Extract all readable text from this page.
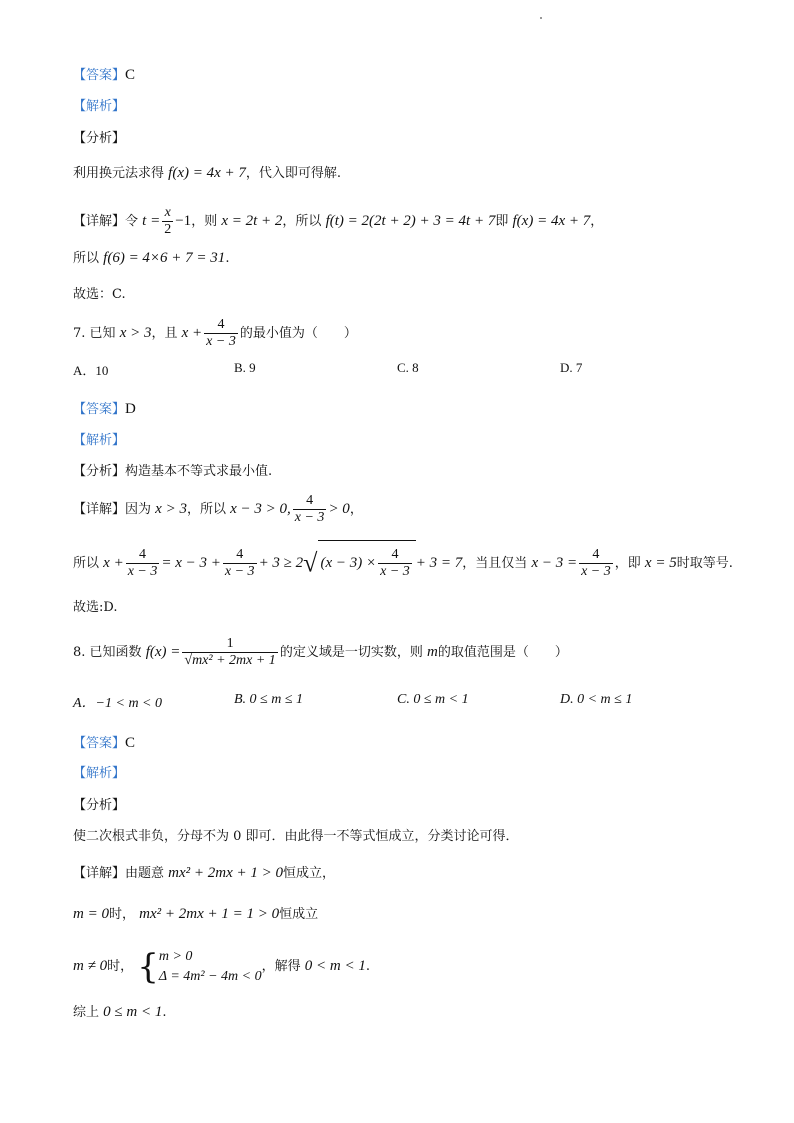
【答案】C
【解析】
【分析】
利用换元法求得 f(x) = 4x + 7，代入即可得解.
【详解】令 $t = \frac{x}{2} -1$，则 x = 2t + 2，所以 f(t) = 2(2t + 2) + 3 = 4t + 7即 f(x) = 4x + 7，
所以 f(6) = 4×6 + 7 = 31.
故选：C.
7. 已知 x > 3，且 $x + \frac{4}{x - 3}$ 的最小值为（　　）
A．10	B. 9	C. 8	D. 7
【答案】D
【解析】
【分析】构造基本不等式求最小值.
【详解】因为 x > 3，所以 x − 3 > 0, $\frac{4}{x - 3} > 0$，
所以 $x + \frac{4}{x - 3} = x - 3 + \frac{4}{x - 3} + 3 \ge 2√$ $(x - 3) \times \frac{4}{x - 3} + 3 = 7$，当且仅当 $x - 3 = \frac{4}{x - 3}$ ，即 x = 5时取等号.
故选:D.
8. 已知函数 $f(x) = \frac{1}{\text{√mx² + 2mx + 1}}$ 的定义域是一切实数，则 m的取值范围是（　　）
A．−1 < m < 0	B. 0 ≤ m ≤ 1	C. 0 ≤ m < 1	D. 0 < m ≤ 1
【答案】C
【解析】
【分析】
使二次根式非负，分母不为 0 即可．由此得一不等式恒成立，分类讨论可得．
【详解】由题意 mx² + 2mx + 1 > 0恒成立，
m = 0时， mx² + 2mx + 1 = 1 > 0恒成立
m ≠ 0时， { m > 0
Δ = 4m² − 4m < 0
，解得 0 < m < 1.
综上 0 ≤ m < 1.
